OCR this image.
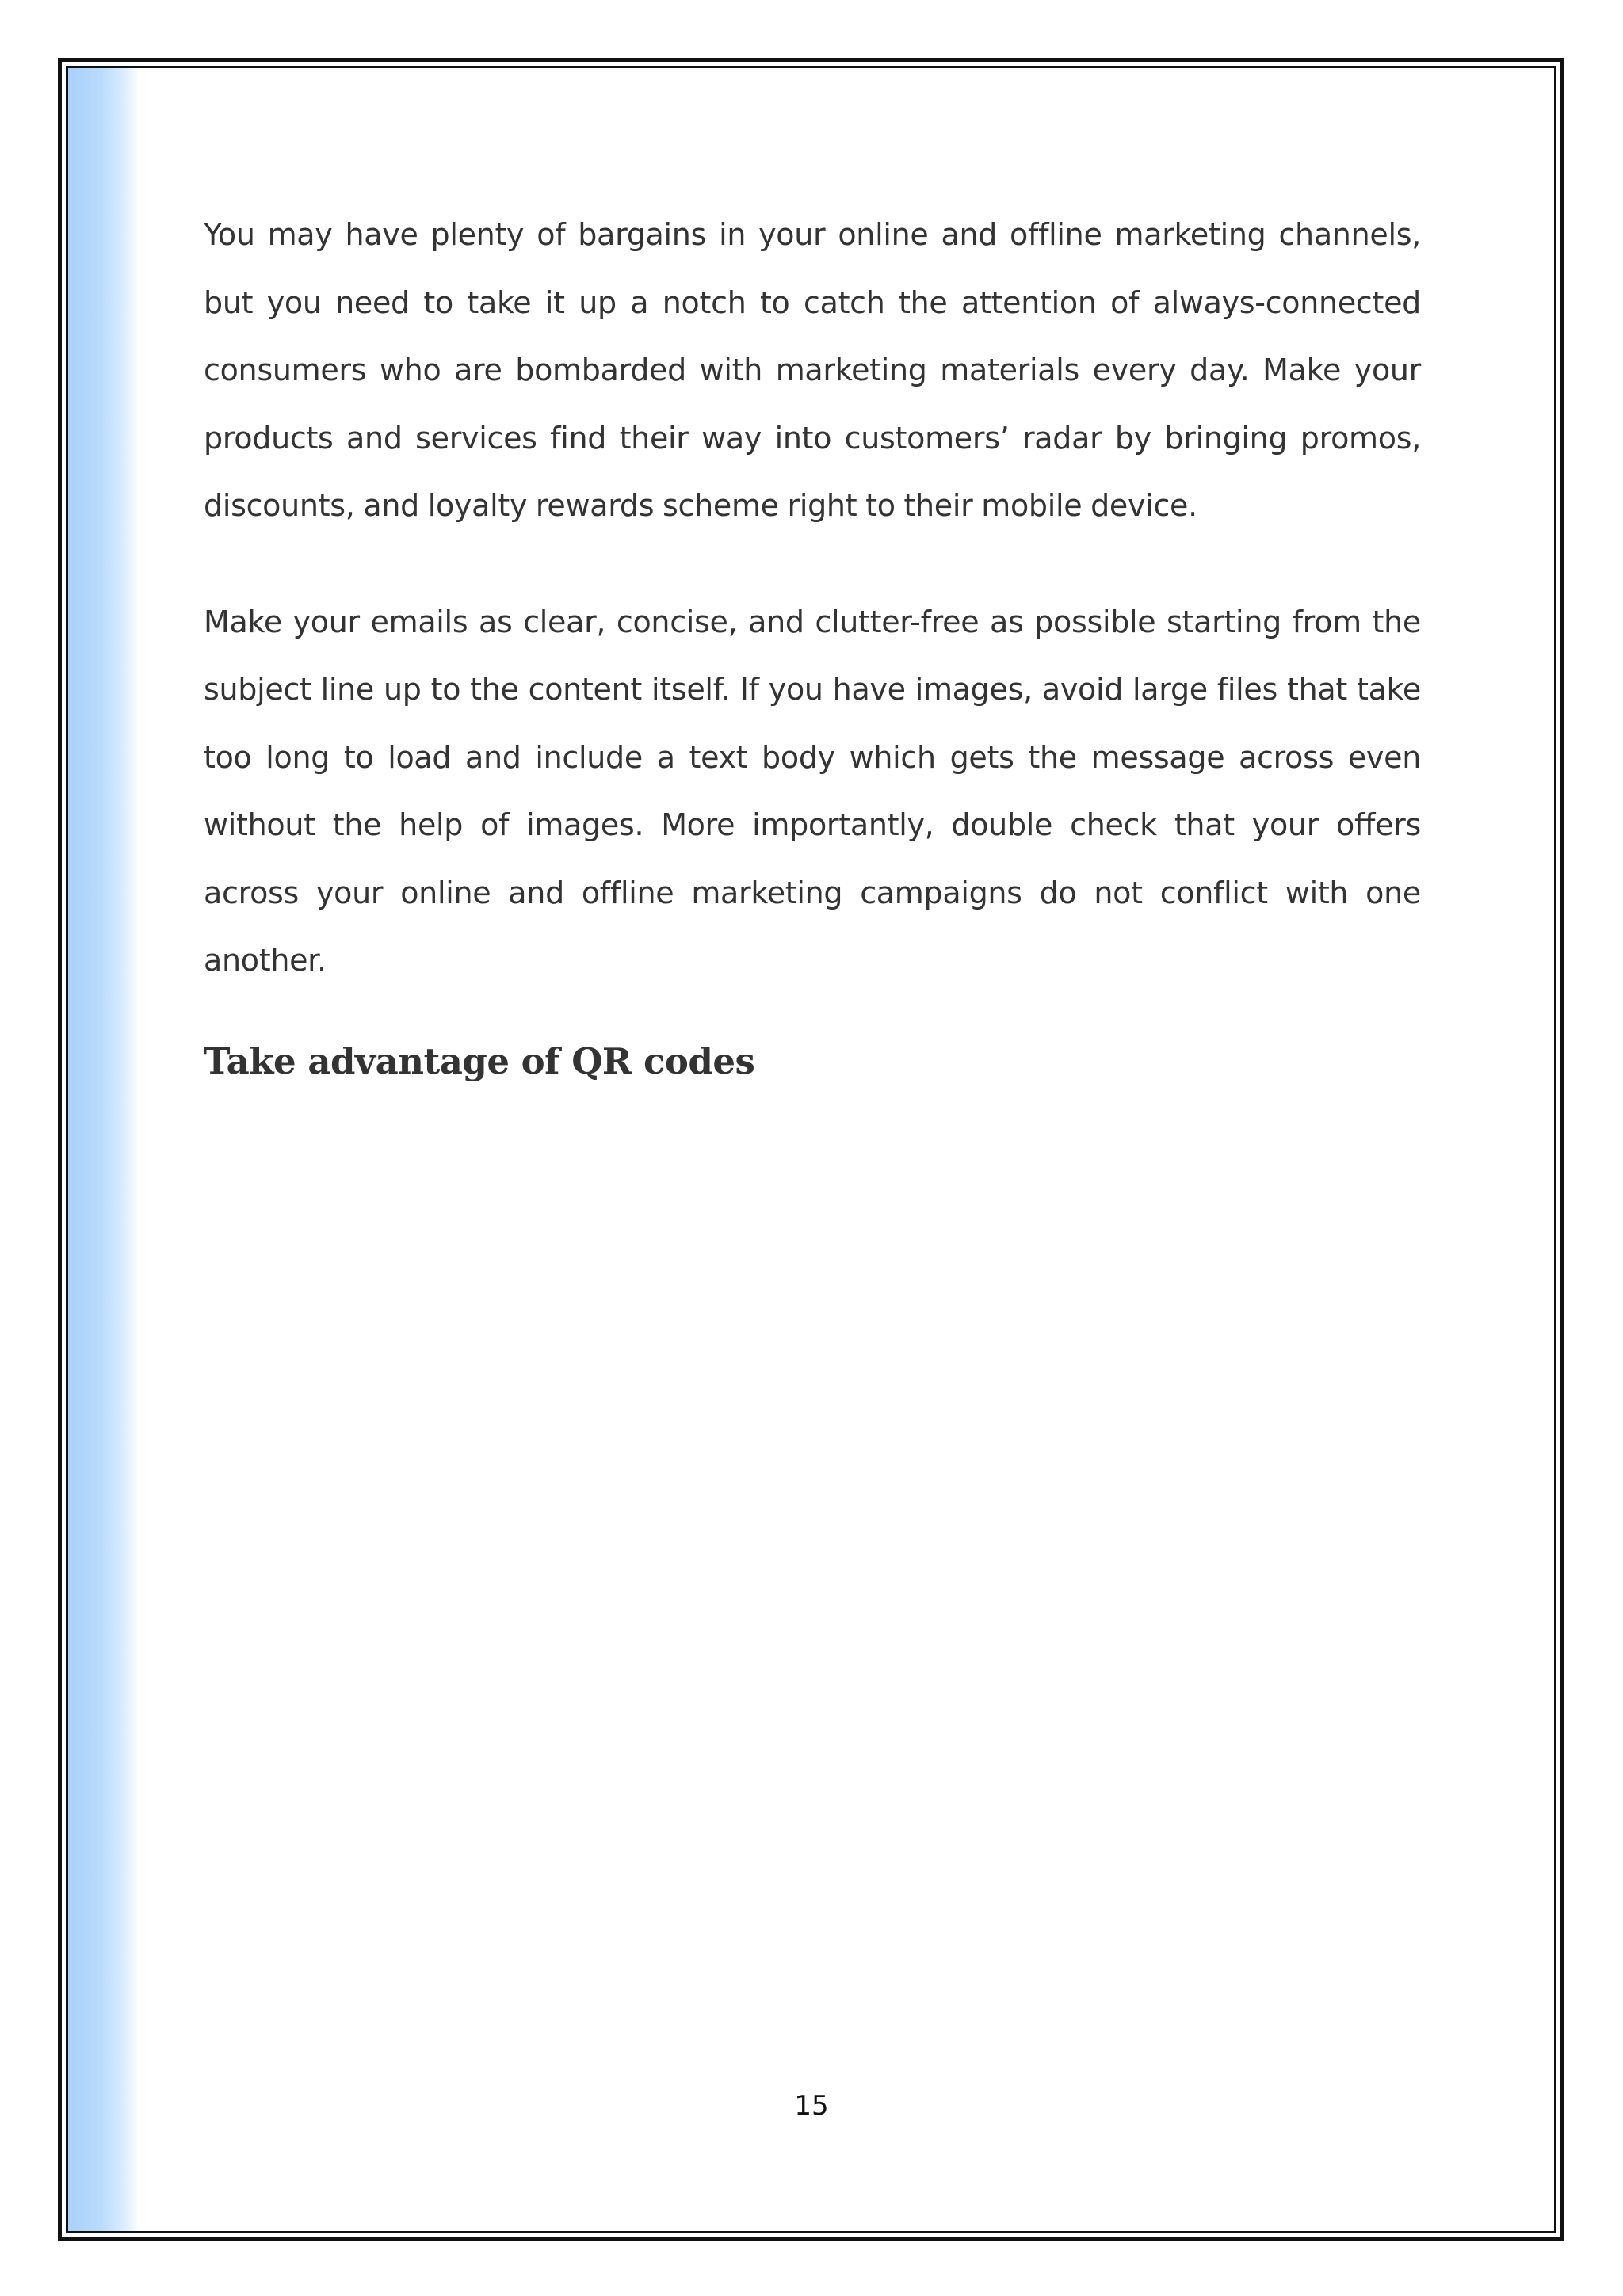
You may have plenty of bargains in your online and offline marketing channels, but you need to take it up a notch to catch the attention of always-connected consumers who are bombarded with marketing materials every day. Make your products and services find their way into customers’ radar by bringing promos, discounts, and loyalty rewards scheme right to their mobile device.

Make your emails as clear, concise, and clutter-free as possible starting from the subject line up to the content itself. If you have images, avoid large files that take too long to load and include a text body which gets the message across even without the help of images. More importantly, double check that your offers across your online and offline marketing campaigns do not conflict with one another.

Take advantage of QR codes
15
